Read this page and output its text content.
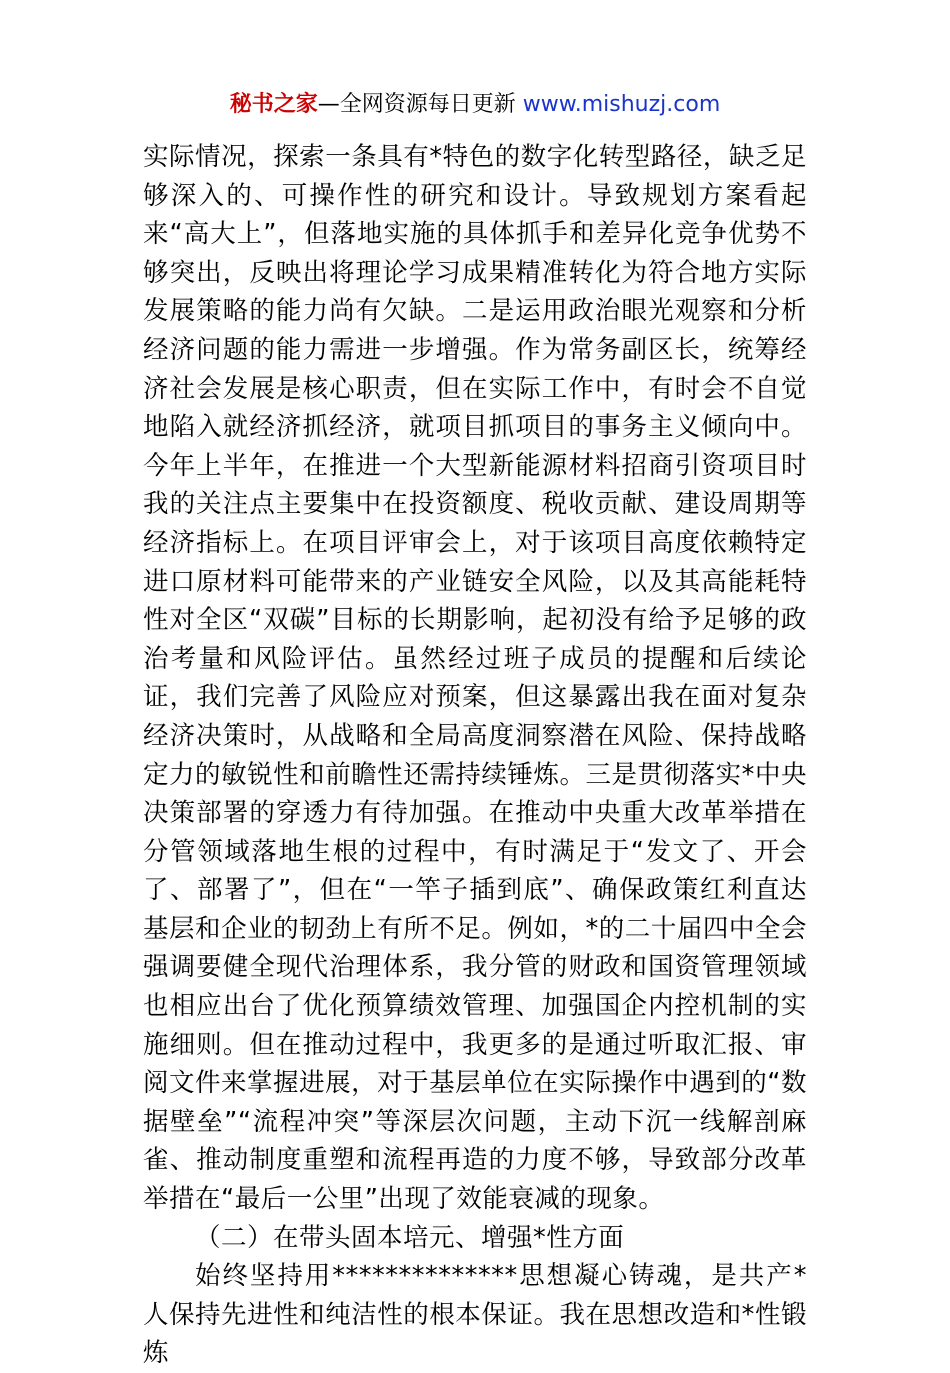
秘书之家—全网资源每日更新 www.mishuzj.com

实际情况，探索一条具有*特色的数字化转型路径，缺乏足够深入的、可操作性的研究和设计。导致规划方案看起来“高大上”，但落地实施的具体抓手和差异化竞争优势不够突出，反映出将理论学习成果精准转化为符合地方实际发展策略的能力尚有欠缺。二是运用政治眼光观察和分析经济问题的能力需进一步增强。作为常务副区长，统筹经济社会发展是核心职责，但在实际工作中，有时会不自觉地陷入就经济抓经济，就项目抓项目的事务主义倾向中。今年上半年，在推进一个大型新能源材料招商引资项目时我的关注点主要集中在投资额度、税收贡献、建设周期等经济指标上。在项目评审会上，对于该项目高度依赖特定进口原材料可能带来的产业链安全风险，以及其高能耗特性对全区“双碳”目标的长期影响，起初没有给予足够的政治考量和风险评估。虽然经过班子成员的提醒和后续论证，我们完善了风险应对预案，但这暴露出我在面对复杂经济决策时，从战略和全局高度洞察潜在风险、保持战略定力的敏锐性和前瞻性还需持续锤炼。三是贯彻落实*中央决策部署的穿透力有待加强。在推动中央重大改革举措在分管领域落地生根的过程中，有时满足于“发文了、开会了、部署了”，但在“一竿子插到底”、确保政策红利直达基层和企业的韧劲上有所不足。例如，*的二十届四中全会强调要健全现代治理体系，我分管的财政和国资管理领域也相应出台了优化预算绩效管理、加强国企内控机制的实施细则。但在推动过程中，我更多的是通过听取汇报、审阅文件来掌握进展，对于基层单位在实际操作中遇到的“数据壁垒”“流程冲突”等深层次问题，主动下沉一线解剖麻雀、推动制度重塑和流程再造的力度不够，导致部分改革举措在“最后一公里”出现了效能衰减的现象。

（二）在带头固本培元、增强*性方面

始终坚持用**************思想凝心铸魂，是共产*人保持先进性和纯洁性的根本保证。我在思想改造和*性锻炼
